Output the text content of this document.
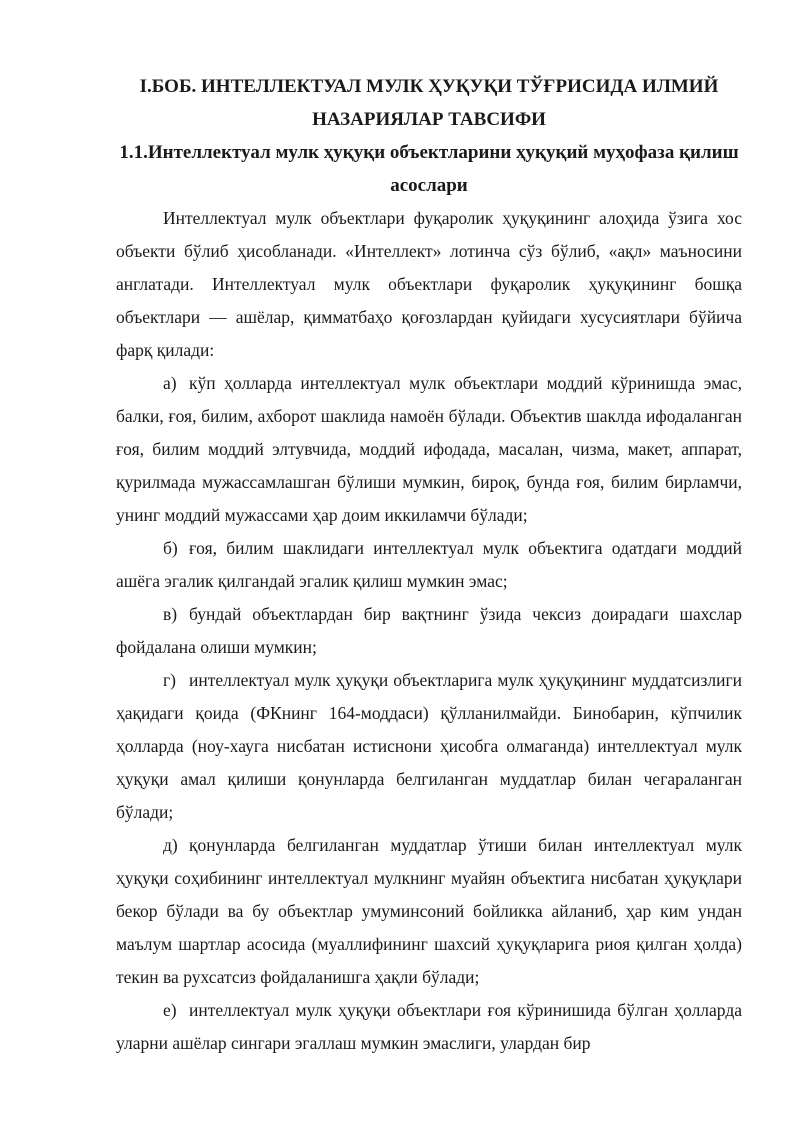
I.БОБ. ИНТЕЛЛЕКТУАЛ МУЛК ҲУҚУҚИ ТЎҒРИСИДА ИЛМИЙ
НАЗАРИЯЛАР ТАВСИФИ

1.1.Интеллектуал мулк ҳуқуқи объектларини ҳуқуқий муҳофаза қилиш
асослари

Интеллектуал мулк объектлари фуқаролик ҳуқуқининг алоҳида ўзига хос объекти бўлиб ҳисобланади. «Интеллект» лотинча сўз бўлиб, «ақл» маъносини англатади. Интеллектуал мулк объектлари фуқаролик ҳуқуқининг бошқа объектлари — ашёлар, қимматбаҳо қоғозлардан қуйидаги хусусиятлари бўйича фарқ қилади:

а) кўп ҳолларда интеллектуал мулк объектлари моддий кўринишда эмас, балки, ғоя, билим, ахборот шаклида намоён бўлади. Объектив шаклда ифодаланган ғоя, билим моддий элтувчида, моддий ифодада, масалан, чизма, макет, аппарат, қурилмада мужассамлашган бўлиши мумкин, бироқ, бунда ғоя, билим бирламчи, унинг моддий мужассами ҳар доим иккиламчи бўлади;

б) ғоя, билим шаклидаги интеллектуал мулк объектига одатдаги моддий ашёга эгалик қилгандай эгалик қилиш мумкин эмас;

в) бундай объектлардан бир вақтнинг ўзида чексиз доирадаги шахслар фойдалана олиши мумкин;

г) интеллектуал мулк ҳуқуқи объектларига мулк ҳуқуқининг муддатсизлиги ҳақидаги қоида (ФКнинг 164-моддаси) қўлланилмайди. Бинобарин, кўпчилик ҳолларда (ноу-хауга нисбатан истиснони ҳисобга олмаганда) интеллектуал мулк ҳуқуқи амал қилиши қонунларда белгиланган муддатлар билан чегараланган бўлади;

д) қонунларда белгиланган муддатлар ўтиши билан интеллектуал мулк ҳуқуқи соҳибининг интеллектуал мулкнинг муайян объектига нисбатан ҳуқуқлари бекор бўлади ва бу объектлар умуминсоний бойликка айланиб, ҳар ким ундан маълум шартлар асосида (муаллифининг шахсий ҳуқуқларига риоя қилган ҳолда) текин ва рухсатсиз фойдаланишга ҳақли бўлади;

е) интеллектуал мулк ҳуқуқи объектлари ғоя кўринишида бўлган ҳолларда уларни ашёлар сингари эгаллаш мумкин эмаслиги, улардан бир
